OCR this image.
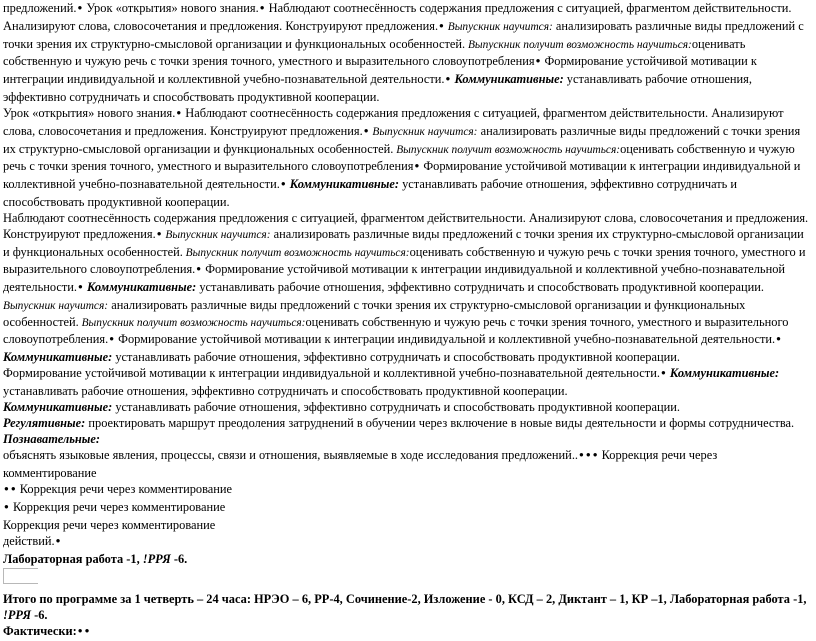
предложений.● Урок «открытия» нового знания.● Наблюдают соотнесённость содержания предложения с ситуацией, фрагментом действительности. Анализируют слова, словосочетания и предложения. Конструируют предложения.● Выпускник научится: анализировать различные виды предложений с точки зрения их структурно-смысловой организации и функциональных особенностей. Выпускник получит возможность научиться:оценивать собственную и чужую речь с точки зрения точного, уместного и выразительного словоупотребления● Формирование устойчивой мотивации к интеграции индивидуальной и коллективной учебно-познавательной деятельности.● Коммуникативные: устанавливать рабочие отношения, эффективно сотрудничать и способствовать продуктивной кооперации.

Урок «открытия» нового знания.● Наблюдают соотнесённость содержания предложения с ситуацией, фрагментом действительности. Анализируют слова, словосочетания и предложения. Конструируют предложения.● Выпускник научится: анализировать различные виды предложений с точки зрения их структурно-смысловой организации и функциональных особенностей. Выпускник получит возможность научиться:оценивать собственную и чужую речь с точки зрения точного, уместного и выразительного словоупотребления● Формирование устойчивой мотивации к интеграции индивидуальной и коллективной учебно-познавательной деятельности.● Коммуникативные: устанавливать рабочие отношения, эффективно сотрудничать и способствовать продуктивной кооперации.

Наблюдают соотнесённость содержания предложения с ситуацией, фрагментом действительности. Анализируют слова, словосочетания и предложения. Конструируют предложения.● Выпускник научится: анализировать различные виды предложений с точки зрения их структурно-смысловой организации и функциональных особенностей. Выпускник получит возможность научиться:оценивать собственную и чужую речь с точки зрения точного, уместного и выразительного словоупотребления.● Формирование устойчивой мотивации к интеграции индивидуальной и коллективной учебно-познавательной деятельности.● Коммуникативные: устанавливать рабочие отношения, эффективно сотрудничать и способствовать продуктивной кооперации.

Выпускник научится: анализировать различные виды предложений с точки зрения их структурно-смысловой организации и функциональных особенностей. Выпускник получит возможность научиться:оценивать собственную и чужую речь с точки зрения точного, уместного и выразительного словоупотребления.● Формирование устойчивой мотивации к интеграции индивидуальной и коллективной учебно-познавательной деятельности.● Коммуникативные: устанавливать рабочие отношения, эффективно сотрудничать и способствовать продуктивной кооперации.

Формирование устойчивой мотивации к интеграции индивидуальной и коллективной учебно-познавательной деятельности.● Коммуникативные: устанавливать рабочие отношения, эффективно сотрудничать и способствовать продуктивной кооперации.

Коммуникативные: устанавливать рабочие отношения, эффективно сотрудничать и способствовать продуктивной кооперации.

Регулятивные: проектировать маршрут преодоления затруднений в обучении через включение в новые виды деятельности и формы сотрудничества.

Познавательные:

объяснять языковые явления, процессы, связи и отношения, выявляемые в ходе исследования предложений..● ● ● Коррекция речи через комментирование

● ● Коррекция речи через комментирование

● Коррекция речи через комментирование

Коррекция речи через комментирование

действий.●

Лабораторная работа -1, !РРЯ -6.

Итого по программе за 1 четверть – 24 часа: НРЭО – 6, РР-4, Сочинение-2, Изложение - 0, КСД – 2, Диктант – 1, КР –1, Лабораторная работа -1, !РРЯ -6.

Фактически:● ●
